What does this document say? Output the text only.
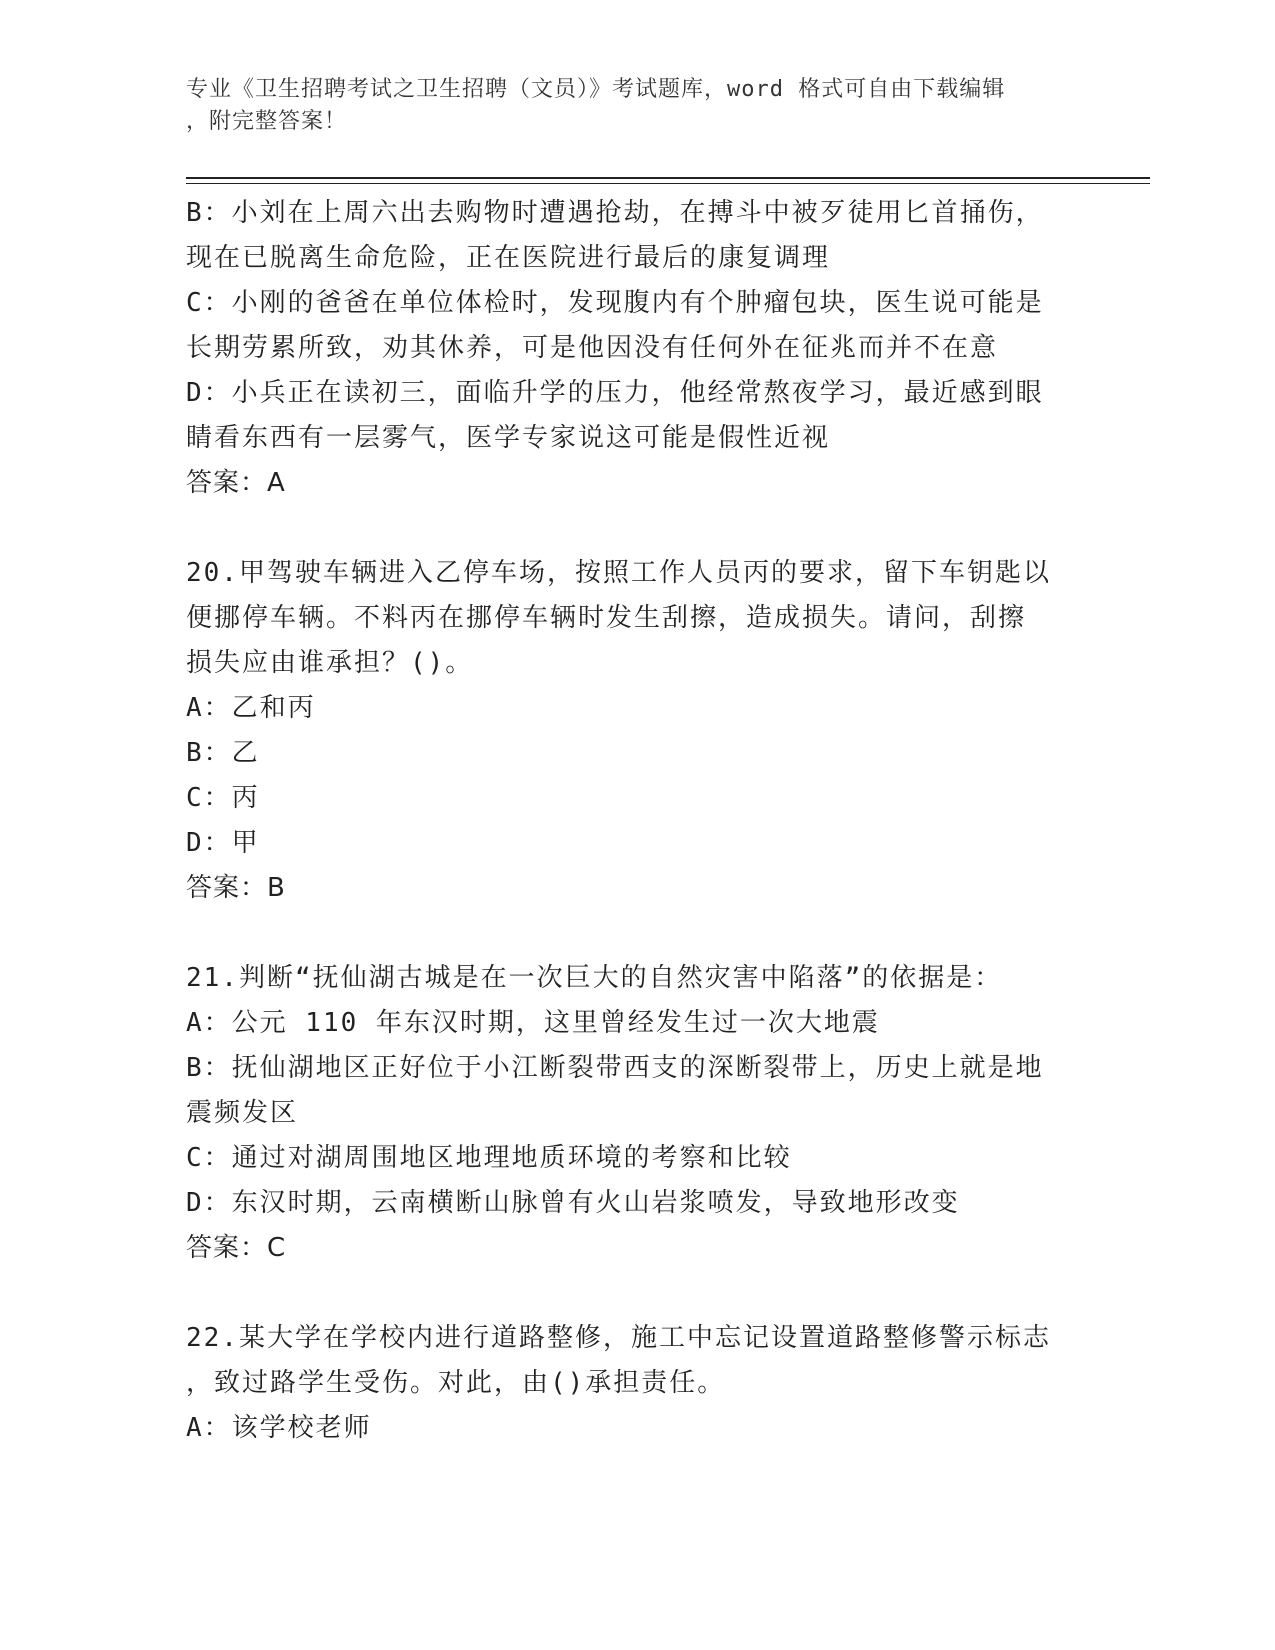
专业《卫生招聘考试之卫生招聘（文员）》考试题库，word 格式可自由下载编辑
，附完整答案！
B：小刘在上周六出去购物时遭遇抢劫，在搏斗中被歹徒用匕首捅伤，
现在已脱离生命危险，正在医院进行最后的康复调理
C：小刚的爸爸在单位体检时，发现腹内有个肿瘤包块，医生说可能是
长期劳累所致，劝其休养，可是他因没有任何外在征兆而并不在意
D：小兵正在读初三，面临升学的压力，他经常熬夜学习，最近感到眼
睛看东西有一层雾气，医学专家说这可能是假性近视
答案：A
20.甲驾驶车辆进入乙停车场，按照工作人员丙的要求，留下车钥匙以
便挪停车辆。不料丙在挪停车辆时发生刮擦，造成损失。请问，刮擦
损失应由谁承担？()。
A：乙和丙
B：乙
C：丙
D：甲
答案：B
21.判断“抚仙湖古城是在一次巨大的自然灾害中陷落”的依据是：
A：公元 110 年东汉时期，这里曾经发生过一次大地震
B：抚仙湖地区正好位于小江断裂带西支的深断裂带上，历史上就是地
震频发区
C：通过对湖周围地区地理地质环境的考察和比较
D：东汉时期，云南横断山脉曾有火山岩浆喷发，导致地形改变
答案：C
22.某大学在学校内进行道路整修，施工中忘记设置道路整修警示标志
，致过路学生受伤。对此，由()承担责任。
A：该学校老师
